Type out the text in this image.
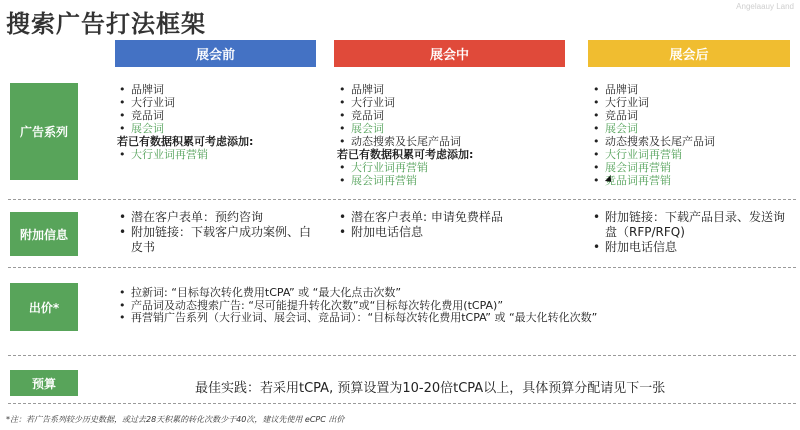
搜索广告打法框架
Angelaauy Land
展会前	展会中	展会后
广告系列
附加信息
出价*
预算
• 品牌词
• 大行业词
• 竞品词
• 展会词

若已有数据积累可考虑添加:

• 大行业词再营销
• 品牌词
• 大行业词
• 竞品词
• 展会词
• 动态搜索及长尾产品词

若已有数据积累可考虑添加:

• 大行业词再营销
• 展会词再营销
• 品牌词
• 大行业词
• 竞品词
• 展会词
• 动态搜索及长尾产品词
• 大行业词再营销
• 展会词再营销
• 竞品词再营销
• 潜在客户表单：预约咨询
• 附加链接：下载客户成功案例、白皮书
• 潜在客户表单: 申请免费样品
• 附加电话信息
• 附加链接：下载产品目录、发送询盘（RFP/RFQ)
• 附加电话信息
• 拉新词: “目标每次转化费用tCPA” 或 “最大化点击次数”
• 产品词及动态搜索广告: “尽可能提升转化次数”或“目标每次转化费用(tCPA)”
• 再营销广告系列（大行业词、展会词、竞品词）：“目标每次转化费用tCPA” 或 “最大化转化次数”
最佳实践：若采用tCPA, 预算设置为10-20倍tCPA以上，具体预算分配请见下一张
*注：若广告系列较少历史数据，或过去28天积累的转化次数少于40次，建议先使用 eCPC 出价
